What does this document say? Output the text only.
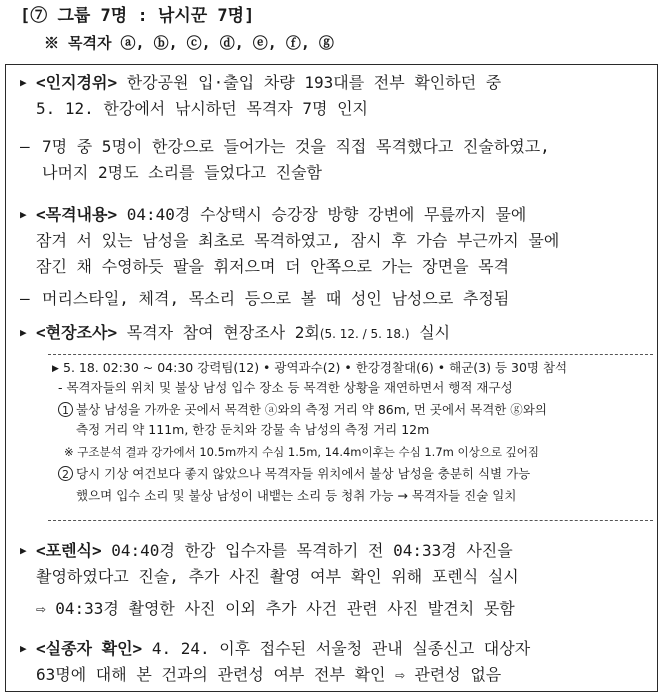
[⑦ 그룹 7명 : 낚시꾼 7명]
※ 목격자 ⓐ, ⓑ, ⓒ, ⓓ, ⓔ, ⓕ, ⓖ
▶ <인지경위> 한강공원 입·출입 차량 193대를 전부 확인하던 중
5. 12. 한강에서 낚시하던 목격자 7명 인지
– 7명 중 5명이 한강으로 들어가는 것을 직접 목격했다고 진술하였고,
나머지 2명도 소리를 들었다고 진술함
▶ <목격내용> 04:40경 수상택시 승강장 방향 강변에 무릎까지 물에
잠겨 서 있는 남성을 최초로 목격하였고, 잠시 후 가슴 부근까지 물에
잠긴 채 수영하듯 팔을 휘저으며 더 안쪽으로 가는 장면을 목격
– 머리스타일, 체격, 목소리 등으로 볼 때 성인 남성으로 추정됨
▶ <현장조사> 목격자 참여 현장조사 2회(5. 12. / 5. 18.) 실시
▶ 5. 18. 02:30 ~ 04:30 강력팀(12) • 광역과수(2) • 한강경찰대(6) • 해군(3) 등 30명 참석
- 목격자들의 위치 및 불상 남성 입수 장소 등 목격한 상황을 재연하면서 행적 재구성
1 불상 남성을 가까운 곳에서 목격한 ⓐ와의 측정 거리 약 86m, 먼 곳에서 목격한 ⓖ와의
측정 거리 약 111m, 한강 둔치와 강물 속 남성의 측정 거리 12m
※ 구조분석 결과 강가에서 10.5m까지 수심 1.5m, 14.4m이후는 수심 1.7m 이상으로 깊어짐
2 당시 기상 여건보다 좋지 않았으나 목격자들 위치에서 불상 남성을 충분히 식별 가능
했으며 입수 소리 및 불상 남성이 내뱉는 소리 등 청취 가능 → 목격자들 진술 일치
▶ <포렌식> 04:40경 한강 입수자를 목격하기 전 04:33경 사진을
촬영하였다고 진술, 추가 사진 촬영 여부 확인 위해 포렌식 실시
⇨ 04:33경 촬영한 사진 이외 추가 사건 관련 사진 발견치 못함
▶ <실종자 확인> 4. 24. 이후 접수된 서울청 관내 실종신고 대상자
63명에 대해 본 건과의 관련성 여부 전부 확인 ⇨ 관련성 없음
